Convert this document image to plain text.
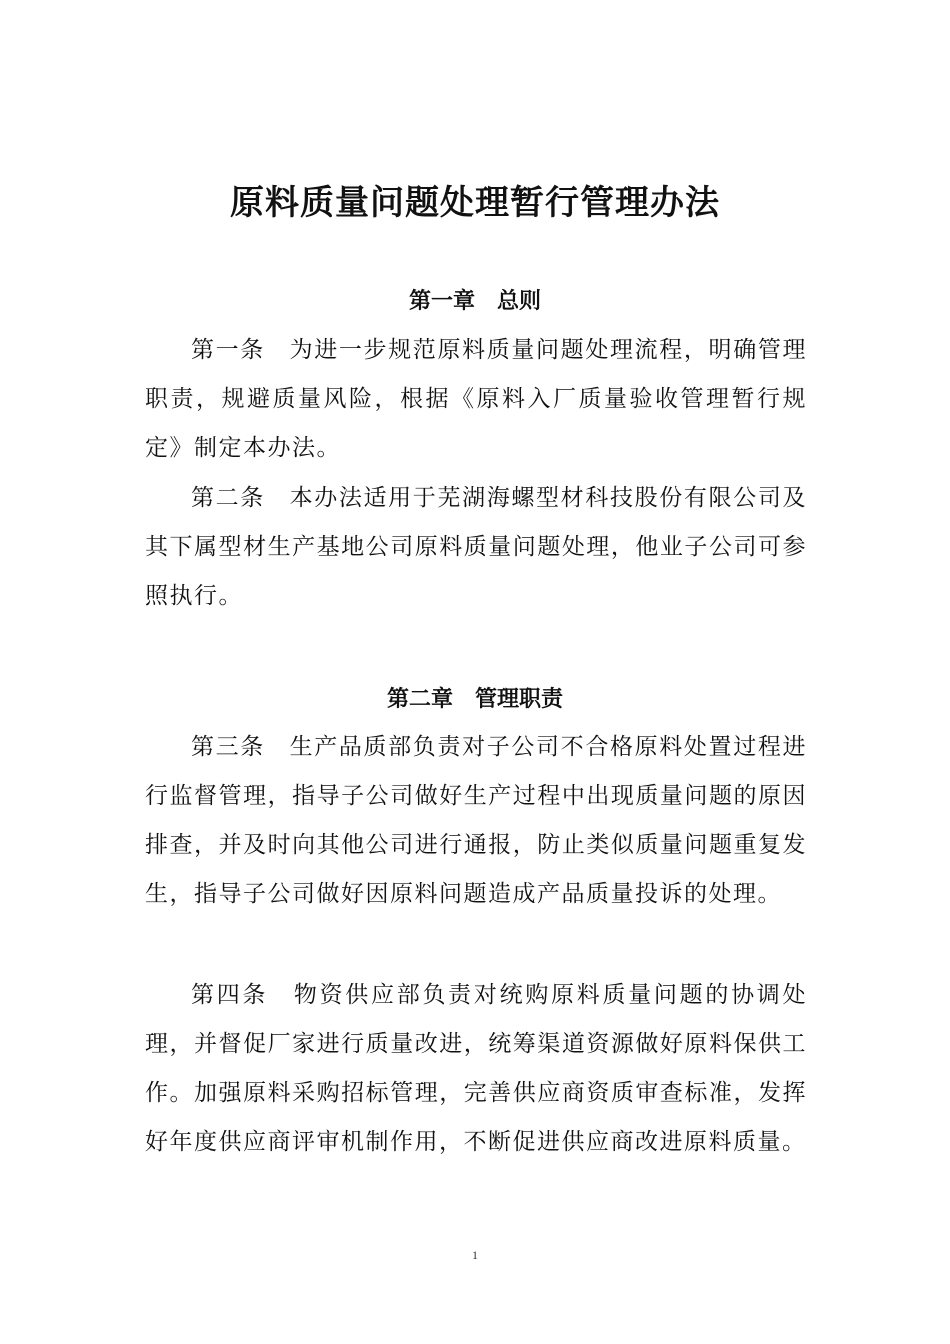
原料质量问题处理暂行管理办法
第一章　总则
第一条　为进一步规范原料质量问题处理流程，明确管理职责，规避质量风险，根据《原料入厂质量验收管理暂行规定》制定本办法。
第二条　本办法适用于芜湖海螺型材科技股份有限公司及其下属型材生产基地公司原料质量问题处理，他业子公司可参照执行。
第二章　管理职责
第三条　生产品质部负责对子公司不合格原料处置过程进行监督管理，指导子公司做好生产过程中出现质量问题的原因排查，并及时向其他公司进行通报，防止类似质量问题重复发生，指导子公司做好因原料问题造成产品质量投诉的处理。
第四条　物资供应部负责对统购原料质量问题的协调处理，并督促厂家进行质量改进，统筹渠道资源做好原料保供工作。加强原料采购招标管理，完善供应商资质审查标准，发挥好年度供应商评审机制作用，不断促进供应商改进原料质量。
1
